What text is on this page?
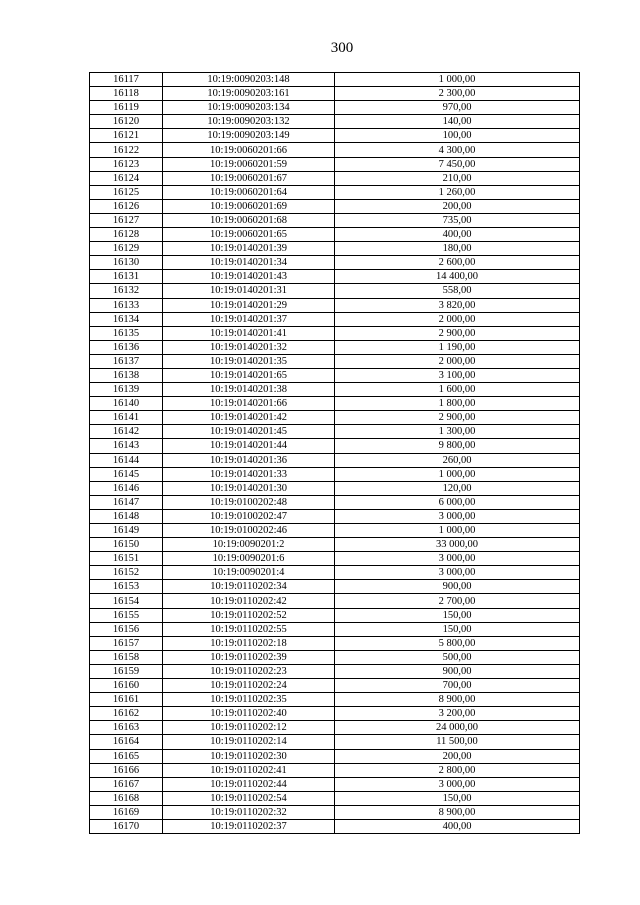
300
16117	10:19:0090203:148	1 000,00
16118	10:19:0090203:161	2 300,00
16119	10:19:0090203:134	970,00
16120	10:19:0090203:132	140,00
16121	10:19:0090203:149	100,00
16122	10:19:0060201:66	4 300,00
16123	10:19:0060201:59	7 450,00
16124	10:19:0060201:67	210,00
16125	10:19:0060201:64	1 260,00
16126	10:19:0060201:69	200,00
16127	10:19:0060201:68	735,00
16128	10:19:0060201:65	400,00
16129	10:19:0140201:39	180,00
16130	10:19:0140201:34	2 600,00
16131	10:19:0140201:43	14 400,00
16132	10:19:0140201:31	558,00
16133	10:19:0140201:29	3 820,00
16134	10:19:0140201:37	2 000,00
16135	10:19:0140201:41	2 900,00
16136	10:19:0140201:32	1 190,00
16137	10:19:0140201:35	2 000,00
16138	10:19:0140201:65	3 100,00
16139	10:19:0140201:38	1 600,00
16140	10:19:0140201:66	1 800,00
16141	10:19:0140201:42	2 900,00
16142	10:19:0140201:45	1 300,00
16143	10:19:0140201:44	9 800,00
16144	10:19:0140201:36	260,00
16145	10:19:0140201:33	1 000,00
16146	10:19:0140201:30	120,00
16147	10:19:0100202:48	6 000,00
16148	10:19:0100202:47	3 000,00
16149	10:19:0100202:46	1 000,00
16150	10:19:0090201:2	33 000,00
16151	10:19:0090201:6	3 000,00
16152	10:19:0090201:4	3 000,00
16153	10:19:0110202:34	900,00
16154	10:19:0110202:42	2 700,00
16155	10:19:0110202:52	150,00
16156	10:19:0110202:55	150,00
16157	10:19:0110202:18	5 800,00
16158	10:19:0110202:39	500,00
16159	10:19:0110202:23	900,00
16160	10:19:0110202:24	700,00
16161	10:19:0110202:35	8 900,00
16162	10:19:0110202:40	3 200,00
16163	10:19:0110202:12	24 000,00
16164	10:19:0110202:14	11 500,00
16165	10:19:0110202:30	200,00
16166	10:19:0110202:41	2 800,00
16167	10:19:0110202:44	3 000,00
16168	10:19:0110202:54	150,00
16169	10:19:0110202:32	8 900,00
16170	10:19:0110202:37	400,00
